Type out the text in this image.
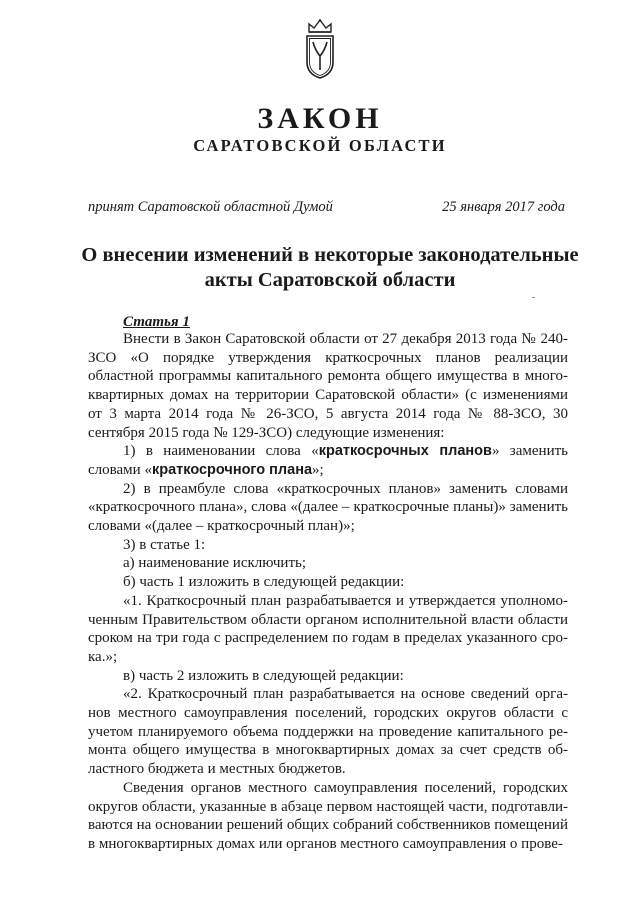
ЗАКОН
САРАТОВСКОЙ ОБЛАСТИ
принят Саратовской областной Думой	25 января 2017 года
О внесении изменений в некоторые законодательные акты Саратовской области
Статья 1

Внести в Закон Саратовской области от 27 декабря 2013 года № 240-ЗСО «О порядке утверждения краткосрочных планов реализации областной программы капитального ремонта общего имущества в много-квартирных домах на территории Саратовской области» (с изменениями от 3 марта 2014 года № 26-ЗСО, 5 августа 2014 года № 88-ЗСО, 30 сентября 2015 года № 129-ЗСО) следующие изменения:

1) в наименовании слова «краткосрочных планов» заменить словами «краткосрочного плана»;

2) в преамбуле слова «краткосрочных планов» заменить словами «краткосрочного плана», слова «(далее – краткосрочные планы)» заменить словами «(далее – краткосрочный план)»;

3) в статье 1:

а) наименование исключить;

б) часть 1 изложить в следующей редакции:

«1. Краткосрочный план разрабатывается и утверждается уполномо-ченным Правительством области органом исполнительной власти области сроком на три года с распределением по годам в пределах указанного сро-ка.»;

в) часть 2 изложить в следующей редакции:

«2. Краткосрочный план разрабатывается на основе сведений орга-нов местного самоуправления поселений, городских округов области с учетом планируемого объема поддержки на проведение капитального ре-монта общего имущества в многоквартирных домах за счет средств об-ластного бюджета и местных бюджетов.

Сведения органов местного самоуправления поселений, городских округов области, указанные в абзаце первом настоящей части, подготавли-ваются на основании решений общих собраний собственников помещений в многоквартирных домах или органов местного самоуправления о прове-
